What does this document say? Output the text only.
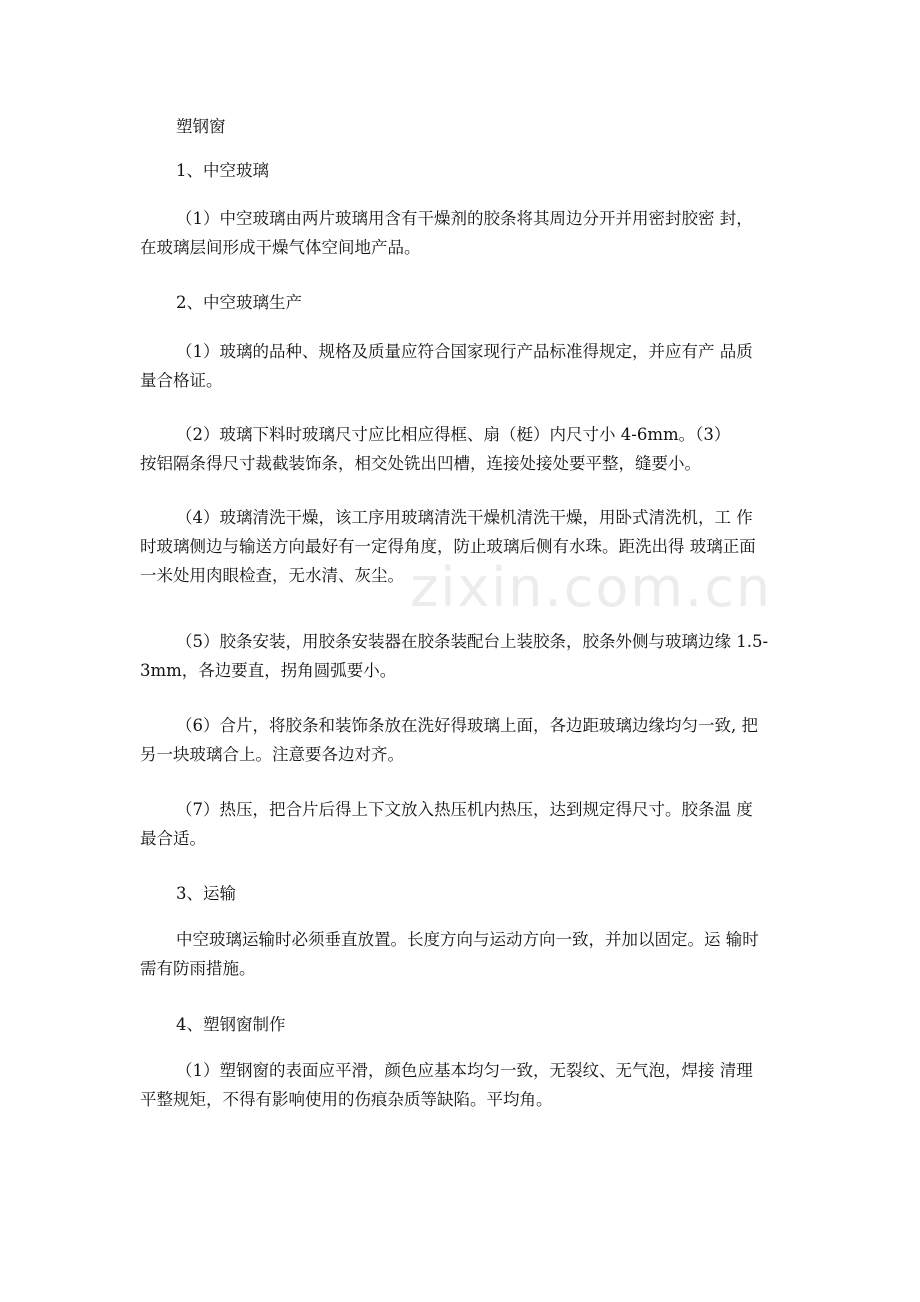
zixin.com.cn
塑钢窗
1、中空玻璃
（1）中空玻璃由两片玻璃用含有干燥剂的胶条将其周边分开并用密封胶密 封，
在玻璃层间形成干燥气体空间地产品。
2、中空玻璃生产
（1）玻璃的品种、规格及质量应符合国家现行产品标准得规定，并应有产 品质
量合格证。
（2）玻璃下料时玻璃尺寸应比相应得框、扇（梃）内尺寸小 4-6mm。（3）
按铝隔条得尺寸裁截装饰条，相交处铣出凹槽，连接处接处要平整，缝要小。
（4）玻璃清洗干燥，该工序用玻璃清洗干燥机清洗干燥，用卧式清洗机，工 作
时玻璃侧边与输送方向最好有一定得角度，防止玻璃后侧有水珠。距洗出得 玻璃正面
一米处用肉眼检查，无水清、灰尘。
（5）胶条安装，用胶条安装器在胶条装配台上装胶条，胶条外侧与玻璃边缘 1.5-
3mm，各边要直，拐角圆弧要小。
（6）合片，将胶条和装饰条放在洗好得玻璃上面，各边距玻璃边缘均匀一致, 把
另一块玻璃合上。注意要各边对齐。
（7）热压，把合片后得上下文放入热压机内热压，达到规定得尺寸。胶条温 度
最合适。
3、运输
中空玻璃运输时必须垂直放置。长度方向与运动方向一致，并加以固定。运 输时
需有防雨措施。
4、塑钢窗制作
（1）塑钢窗的表面应平滑，颜色应基本均匀一致，无裂纹、无气泡，焊接 清理
平整规矩，不得有影响使用的伤痕杂质等缺陷。平均角。
